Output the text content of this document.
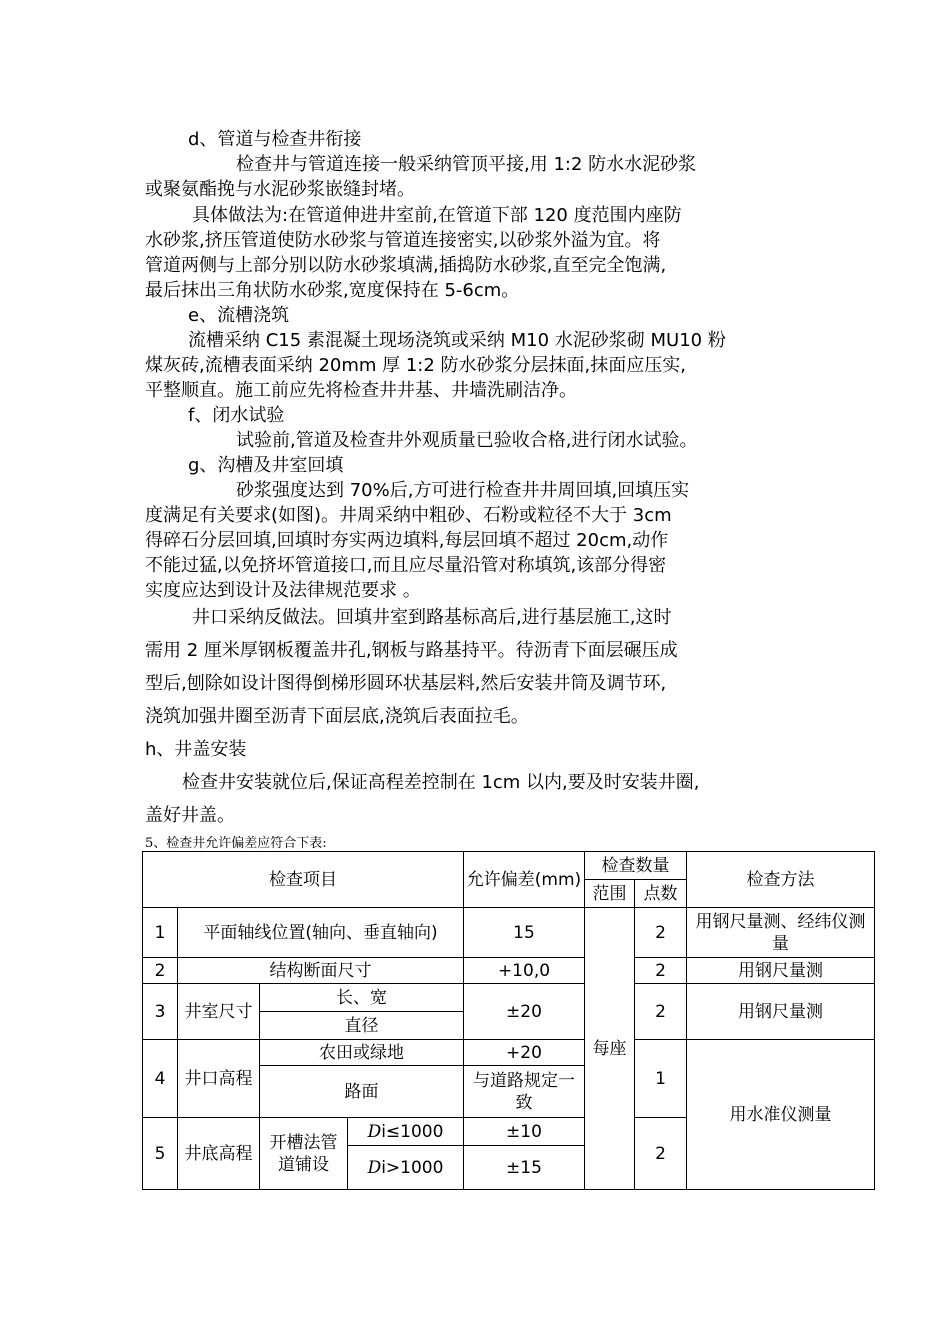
d、管道与检查井衔接
检查井与管道连接一般采纳管顶平接,用 1:2 防水水泥砂浆
或聚氨酯挽与水泥砂浆嵌缝封堵。
具体做法为:在管道伸进井室前,在管道下部 120 度范围内座防
水砂浆,挤压管道使防水砂浆与管道连接密实,以砂浆外溢为宜。将
管道两侧与上部分别以防水砂浆填满,插捣防水砂浆,直至完全饱满,
最后抹出三角状防水砂浆,宽度保持在 5-6cm。
e、流槽浇筑
流槽采纳 C15 素混凝土现场浇筑或采纳 M10 水泥砂浆砌 MU10 粉
煤灰砖,流槽表面采纳 20mm 厚 1:2 防水砂浆分层抹面,抹面应压实,
平整顺直。施工前应先将检查井井基、井墙洗刷洁净。
f、闭水试验
试验前,管道及检查井外观质量已验收合格,进行闭水试验。
g、沟槽及井室回填
砂浆强度达到 70%后,方可进行检查井井周回填,回填压实
度满足有关要求(如图)。井周采纳中粗砂、石粉或粒径不大于 3cm
得碎石分层回填,回填时夯实两边填料,每层回填不超过 20cm,动作
不能过猛,以免挤坏管道接口,而且应尽量沿管对称填筑,该部分得密
实度应达到设计及法律规范要求 。
井口采纳反做法。回填井室到路基标高后,进行基层施工,这时
需用 2 厘米厚钢板覆盖井孔,钢板与路基持平。待沥青下面层碾压成
型后,刨除如设计图得倒梯形圆环状基层料,然后安装井筒及调节环,
浇筑加强井圈至沥青下面层底,浇筑后表面拉毛。
h、井盖安装
检查井安装就位后,保证高程差控制在 1cm 以内,要及时安装井圈,
盖好井盖。
5、检查井允许偏差应符合下表:
检查项目				允许偏差(mm)	检查数量		检查方法
					范围	点数	
1	平面轴线位置(轴向、垂直轴向)			15	每座	2	用钢尺量测、经纬仪测量
2	结构断面尺寸			+10,0		2	用钢尺量测
3	井室尺寸	长、宽		±20		2	用钢尺量测
		直径					
4	井口高程	农田或绿地		+20		1	用水准仪测量
		路面		与道路规定一致			
5	井底高程	开槽法管道铺设	Di≤1000	±10		2	
			Di>1000	±15			
